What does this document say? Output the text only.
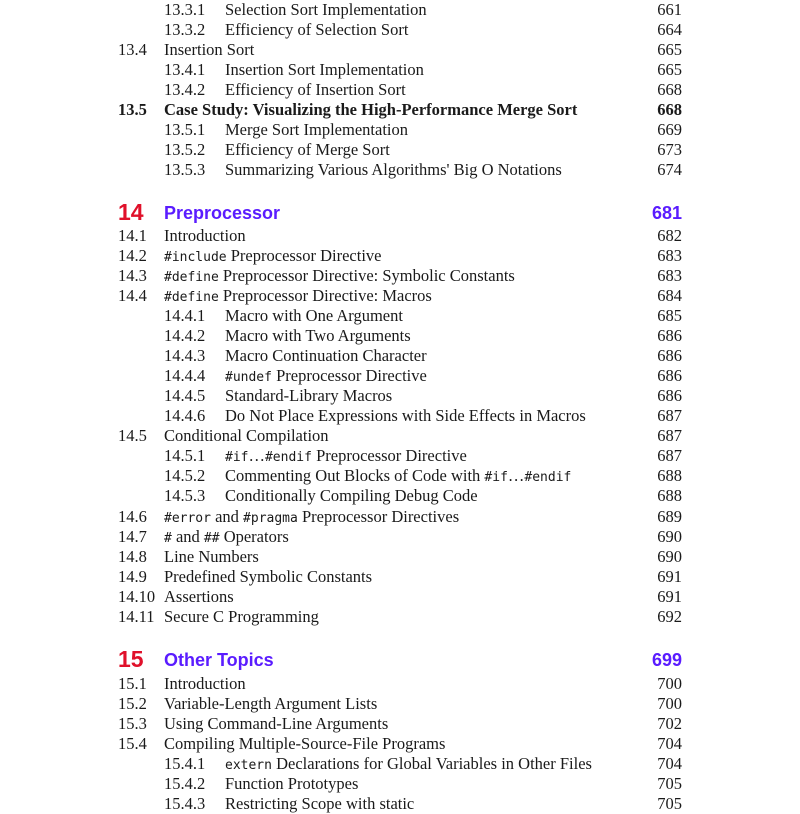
13.3.1 Selection Sort Implementation	661
13.3.2 Efficiency of Selection Sort	664
13.4 Insertion Sort	665
13.4.1 Insertion Sort Implementation	665
13.4.2 Efficiency of Insertion Sort	668
13.5 Case Study: Visualizing the High-Performance Merge Sort	668
13.5.1 Merge Sort Implementation	669
13.5.2 Efficiency of Merge Sort	673
13.5.3 Summarizing Various Algorithms' Big O Notations	674
14 Preprocessor	681
14.1 Introduction	682
14.2 #include Preprocessor Directive	683
14.3 #define Preprocessor Directive: Symbolic Constants	683
14.4 #define Preprocessor Directive: Macros	684
14.4.1 Macro with One Argument	685
14.4.2 Macro with Two Arguments	686
14.4.3 Macro Continuation Character	686
14.4.4 #undef Preprocessor Directive	686
14.4.5 Standard-Library Macros	686
14.4.6 Do Not Place Expressions with Side Effects in Macros	687
14.5 Conditional Compilation	687
14.5.1 #if…#endif Preprocessor Directive	687
14.5.2 Commenting Out Blocks of Code with #if…#endif	688
14.5.3 Conditionally Compiling Debug Code	688
14.6 #error and #pragma Preprocessor Directives	689
14.7 # and ## Operators	690
14.8 Line Numbers	690
14.9 Predefined Symbolic Constants	691
14.10 Assertions	691
14.11 Secure C Programming	692
15 Other Topics	699
15.1 Introduction	700
15.2 Variable-Length Argument Lists	700
15.3 Using Command-Line Arguments	702
15.4 Compiling Multiple-Source-File Programs	704
15.4.1 extern Declarations for Global Variables in Other Files	704
15.4.2 Function Prototypes	705
15.4.3 Restricting Scope with static	705
